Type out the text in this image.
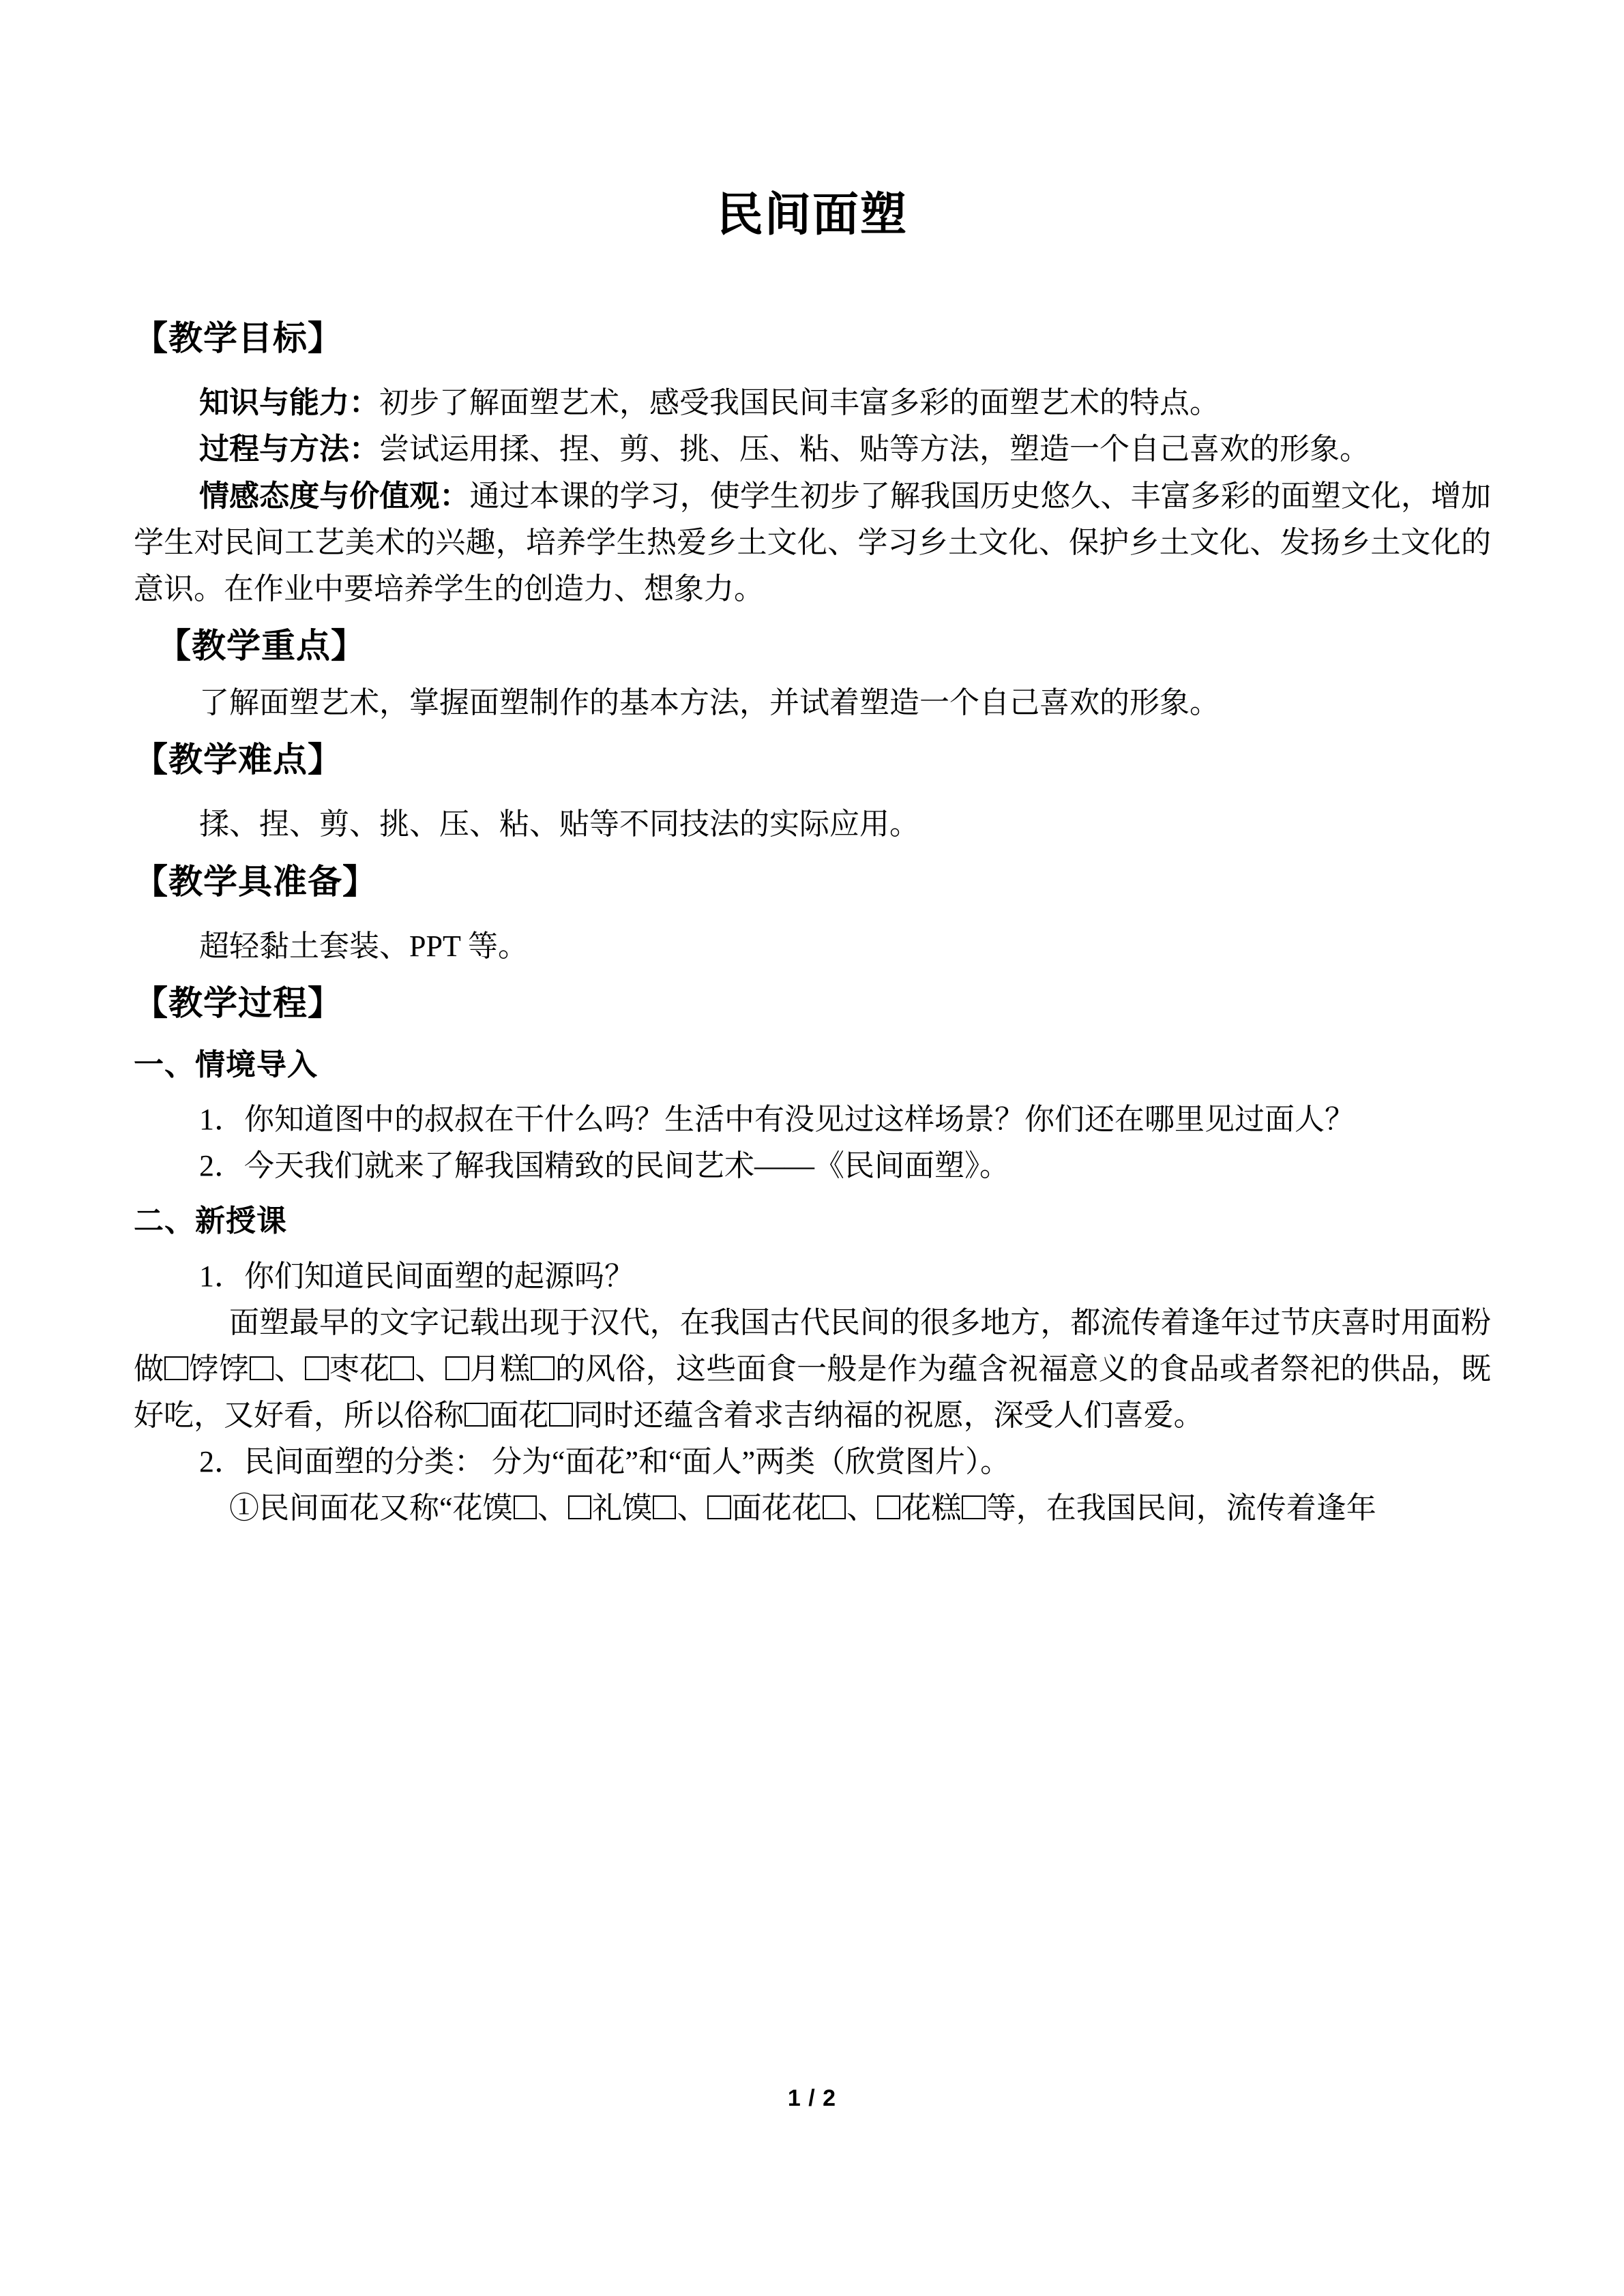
民间面塑
【教学目标】

知识与能力：初步了解面塑艺术，感受我国民间丰富多彩的面塑艺术的特点。

过程与方法：尝试运用揉、捏、剪、挑、压、粘、贴等方法，塑造一个自己喜欢的形象。

情感态度与价值观：通过本课的学习，使学生初步了解我国历史悠久、丰富多彩的面塑文化，增加学生对民间工艺美术的兴趣，培养学生热爱乡土文化、学习乡土文化、保护乡土文化、发扬乡土文化的意识。在作业中要培养学生的创造力、想象力。

【教学重点】

了解面塑艺术，掌握面塑制作的基本方法，并试着塑造一个自己喜欢的形象。

【教学难点】

揉、捏、剪、挑、压、粘、贴等不同技法的实际应用。

【教学具准备】

超轻黏土套装、PPT 等。

【教学过程】
一、情境导入

1．你知道图中的叔叔在干什么吗？生活中有没见过这样场景？你们还在哪里见过面人？

2．今天我们就来了解我国精致的民间艺术——《民间面塑》。

二、新授课

1．你们知道民间面塑的起源吗？

面塑最早的文字记载出现于汉代，在我国古代民间的很多地方，都流传着逢年过节庆喜时用面粉做 饽饽 、 枣花 、 月糕 的风俗，这些面食一般是作为蕴含祝福意义的食品或者祭祀的供品，既好吃，又好看，所以俗称 面花 同时还蕴含着求吉纳福的祝愿，深受人们喜爱。

2．民间面塑的分类： 分为“面花”和“面人”两类（欣赏图片）。

①民间面花又称“花馍 、 礼馍 、 面花花 、 花糕 等，在我国民间，流传着逢年

1 / 2
